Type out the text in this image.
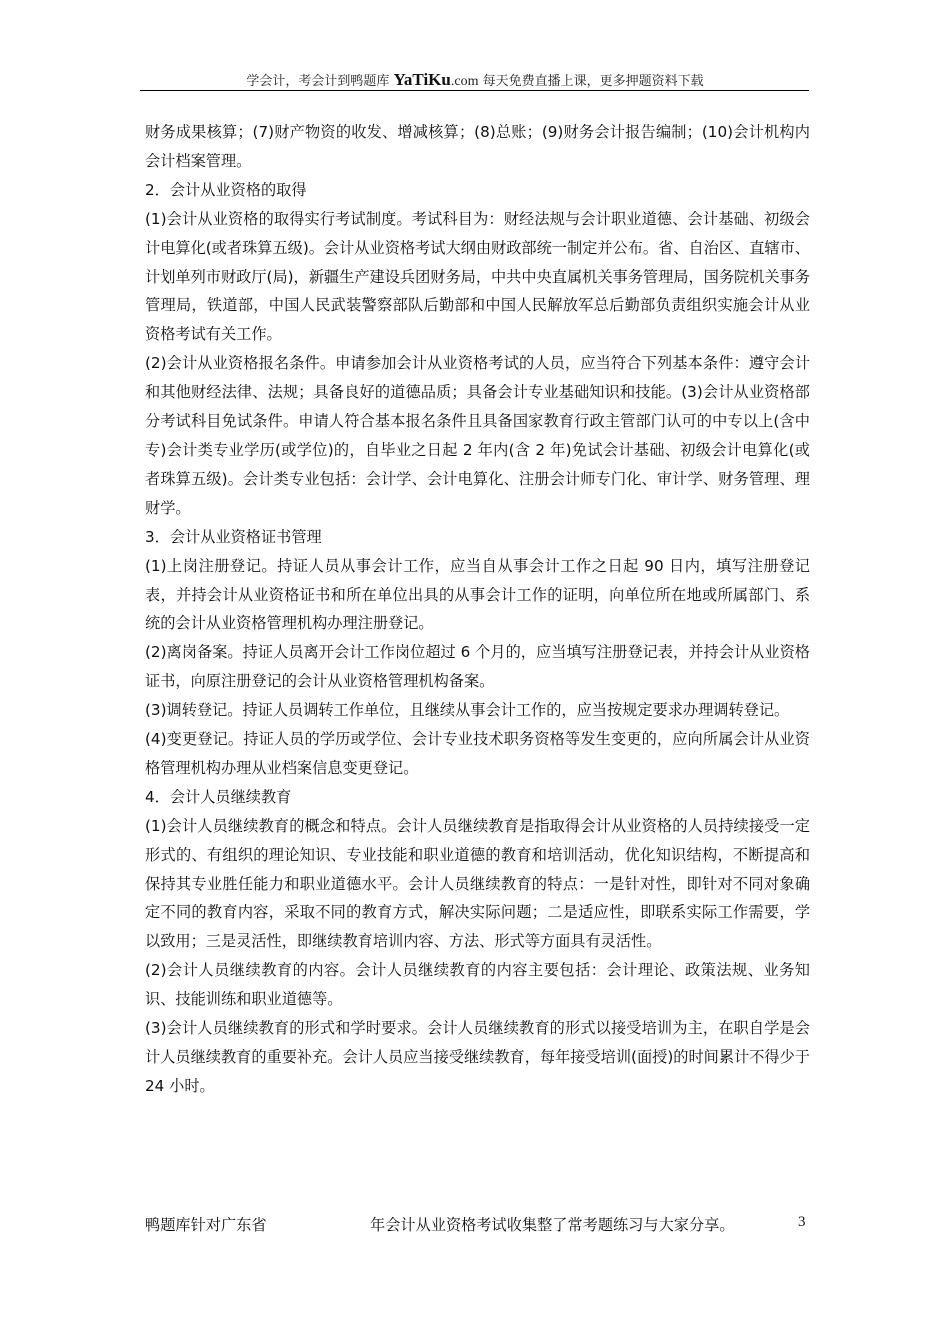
学会计，考会计到鸭题库 YaTiKu.com 每天免费直播上课，更多押题资料下载

财务成果核算；(7)财产物资的收发、增减核算；(8)总账；(9)财务会计报告编制；(10)会计机构内会计档案管理。

2．会计从业资格的取得

(1)会计从业资格的取得实行考试制度。考试科目为：财经法规与会计职业道德、会计基础、初级会计电算化(或者珠算五级)。会计从业资格考试大纲由财政部统一制定并公布。省、自治区、直辖市、计划单列市财政厅(局)，新疆生产建设兵团财务局，中共中央直属机关事务管理局，国务院机关事务管理局，铁道部，中国人民武装警察部队后勤部和中国人民解放军总后勤部负责组织实施会计从业资格考试有关工作。

(2)会计从业资格报名条件。申请参加会计从业资格考试的人员，应当符合下列基本条件：遵守会计和其他财经法律、法规；具备良好的道德品质；具备会计专业基础知识和技能。(3)会计从业资格部分考试科目免试条件。申请人符合基本报名条件且具备国家教育行政主管部门认可的中专以上(含中专)会计类专业学历(或学位)的，自毕业之日起 2 年内(含 2 年)免试会计基础、初级会计电算化(或者珠算五级)。会计类专业包括：会计学、会计电算化、注册会计师专门化、审计学、财务管理、理财学。

3．会计从业资格证书管理

(1)上岗注册登记。持证人员从事会计工作，应当自从事会计工作之日起 90 日内，填写注册登记表，并持会计从业资格证书和所在单位出具的从事会计工作的证明，向单位所在地或所属部门、系统的会计从业资格管理机构办理注册登记。

(2)离岗备案。持证人员离开会计工作岗位超过 6 个月的，应当填写注册登记表，并持会计从业资格证书，向原注册登记的会计从业资格管理机构备案。

(3)调转登记。持证人员调转工作单位，且继续从事会计工作的，应当按规定要求办理调转登记。

(4)变更登记。持证人员的学历或学位、会计专业技术职务资格等发生变更的，应向所属会计从业资格管理机构办理从业档案信息变更登记。

4．会计人员继续教育

(1)会计人员继续教育的概念和特点。会计人员继续教育是指取得会计从业资格的人员持续接受一定形式的、有组织的理论知识、专业技能和职业道德的教育和培训活动，优化知识结构，不断提高和保持其专业胜任能力和职业道德水平。会计人员继续教育的特点：一是针对性，即针对不同对象确定不同的教育内容，采取不同的教育方式，解决实际问题；二是适应性，即联系实际工作需要，学以致用；三是灵活性，即继续教育培训内容、方法、形式等方面具有灵活性。

(2)会计人员继续教育的内容。会计人员继续教育的内容主要包括：会计理论、政策法规、业务知识、技能训练和职业道德等。

(3)会计人员继续教育的形式和学时要求。会计人员继续教育的形式以接受培训为主，在职自学是会计人员继续教育的重要补充。会计人员应当接受继续教育，每年接受培训(面授)的时间累计不得少于 24 小时。

鸭题库针对广东省	年会计从业资格考试收集整了常考题练习与大家分享。	3
